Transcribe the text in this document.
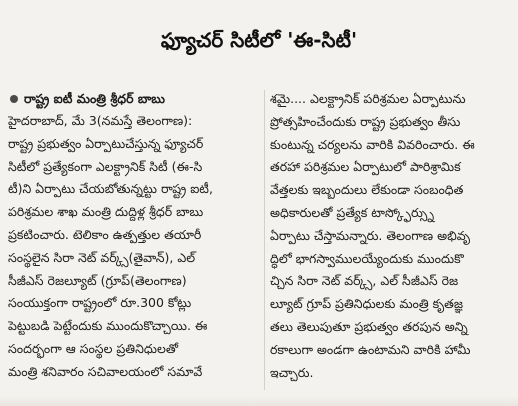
ఫ్యూచర్ సిటీలో 'ఈ-సిటీ'
రాష్ట్ర ఐటీ మంత్రి శ్రీధర్ బాబు
హైదరాబాద్, మే 3(నమస్తే తెలంగాణ):
రాష్ట్ర ప్రభుత్వం ఏర్పాటుచేస్తున్న ఫ్యూచర్
సిటీలో ప్రత్యేకంగా ఎలక్ట్రానిక్ సిటీ (ఈ-సి
టీ)ని ఏర్పాటు చేయబోతున్నట్టు రాష్ట్ర ఐటీ,
పరిశ్రమల శాఖ మంత్రి దుద్దిళ్ల శ్రీధర్ బాబు
ప్రకటించారు. టెలికాం ఉత్పత్తుల తయారీ
సంస్థలైన సిరా నెట్ వర్క్స్(తైవాన్), ఎల్
సీజీఎస్ రెజల్యూట్ (గ్రూప్(తెలంగాణ)
సంయుక్తంగా రాష్ట్రంలో రూ.300 కోట్లు
పెట్టుబడి పెట్టేందుకు ముందుకొచ్చాయి. ఈ
సందర్భంగా ఆ సంస్థల ప్రతినిధులతో
మంత్రి శనివారం సచివాలయంలో సమావే
శమై.... ఎలక్ట్రానిక్ పరిశ్రమల ఏర్పాటును
ప్రోత్సహించేందుకు రాష్ట్ర ప్రభుత్వం తీసు
కుంటున్న చర్యలను వారికి వివరించారు. ఈ
తరహా పరిశ్రమల ఏర్పాటులో పారిశ్రామిక
వేత్తలకు ఇబ్బందులు లేకుండా సంబంధిత
అధికారులతో ప్రత్యేక టాస్క్ఫోర్స్ను
ఏర్పాటు చేస్తామన్నారు. తెలంగాణ అభివృ
ద్ధిలో భాగస్వాములయ్యేందుకు ముందుకొ
చ్చిన సిరా నెట్ వర్క్స్, ఎల్ సీజీఎస్ రెజ
ల్యూట్ గ్రూప్ ప్రతినిధులకు మంత్రి కృతజ్ఞ
తలు తెలుపుతూ ప్రభుత్వం తరపున అన్ని
రకాలుగా అండగా ఉంటామని వారికి హామీ
ఇచ్చారు.
